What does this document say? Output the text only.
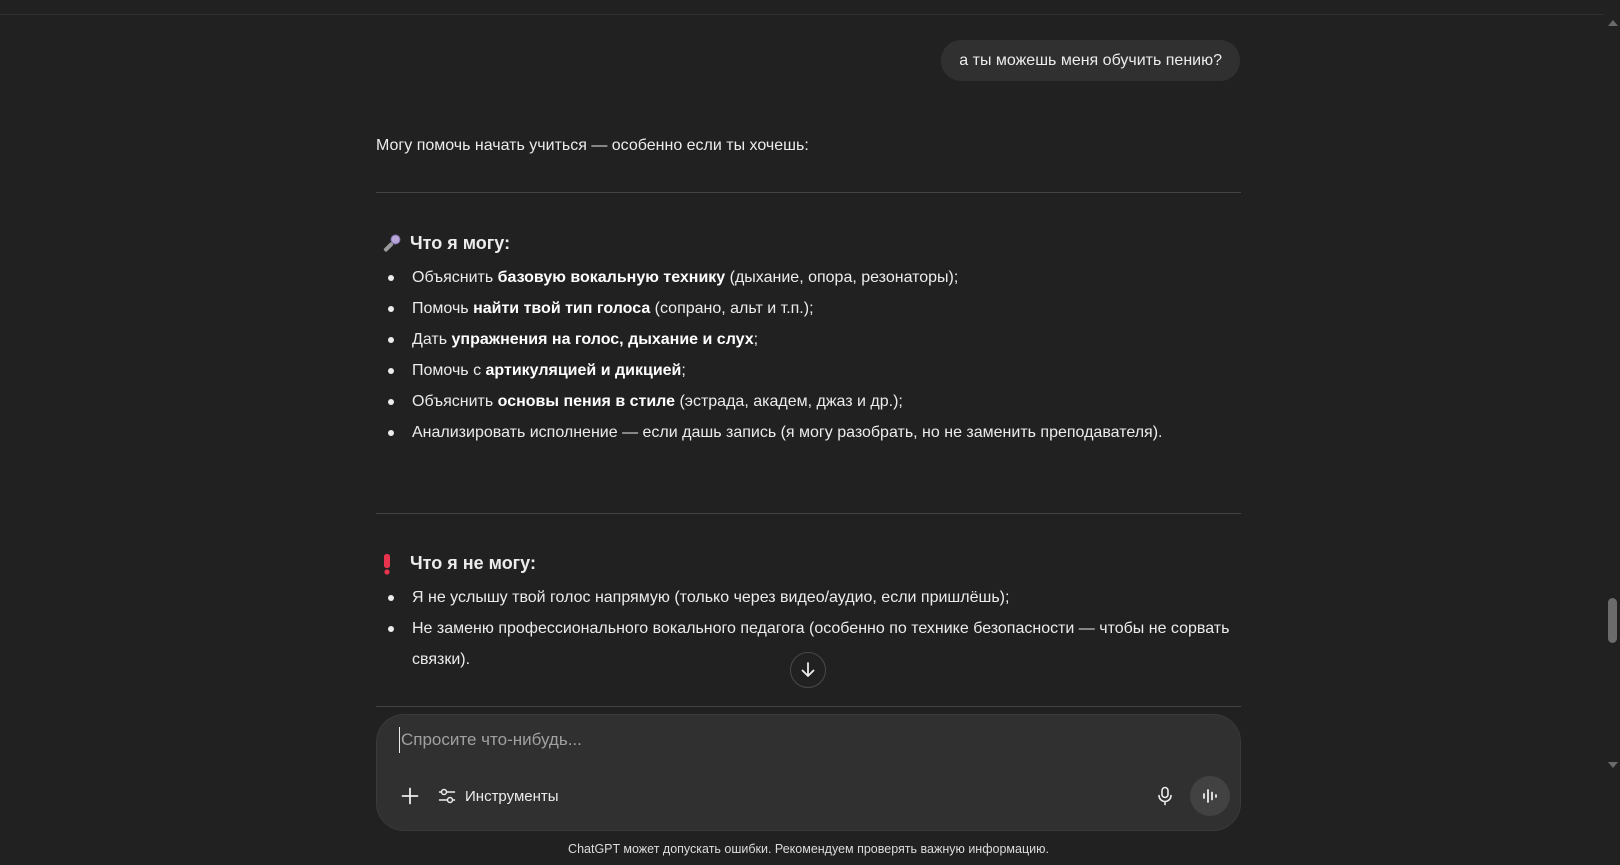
а ты можешь меня обучить пению?
Могу помочь начать учиться — особенно если ты хочешь:
Что я могу:
Объяснить базовую вокальную технику (дыхание, опора, резонаторы);
Помочь найти твой тип голоса (сопрано, альт и т.п.);
Дать упражнения на голос, дыхание и слух;
Помочь с артикуляцией и дикцией;
Объяснить основы пения в стиле (эстрада, академ, джаз и др.);
Анализировать исполнение — если дашь запись (я могу разобрать, но не заменить преподавателя).
Что я не могу:
Я не услышу твой голос напрямую (только через видео/аудио, если пришлёшь);
Не заменю профессионального вокального педагога (особенно по технике безопасности — чтобы не сорвать связки).
Спросите что-нибудь...
Инструменты
ChatGPT может допускать ошибки. Рекомендуем проверять важную информацию.
